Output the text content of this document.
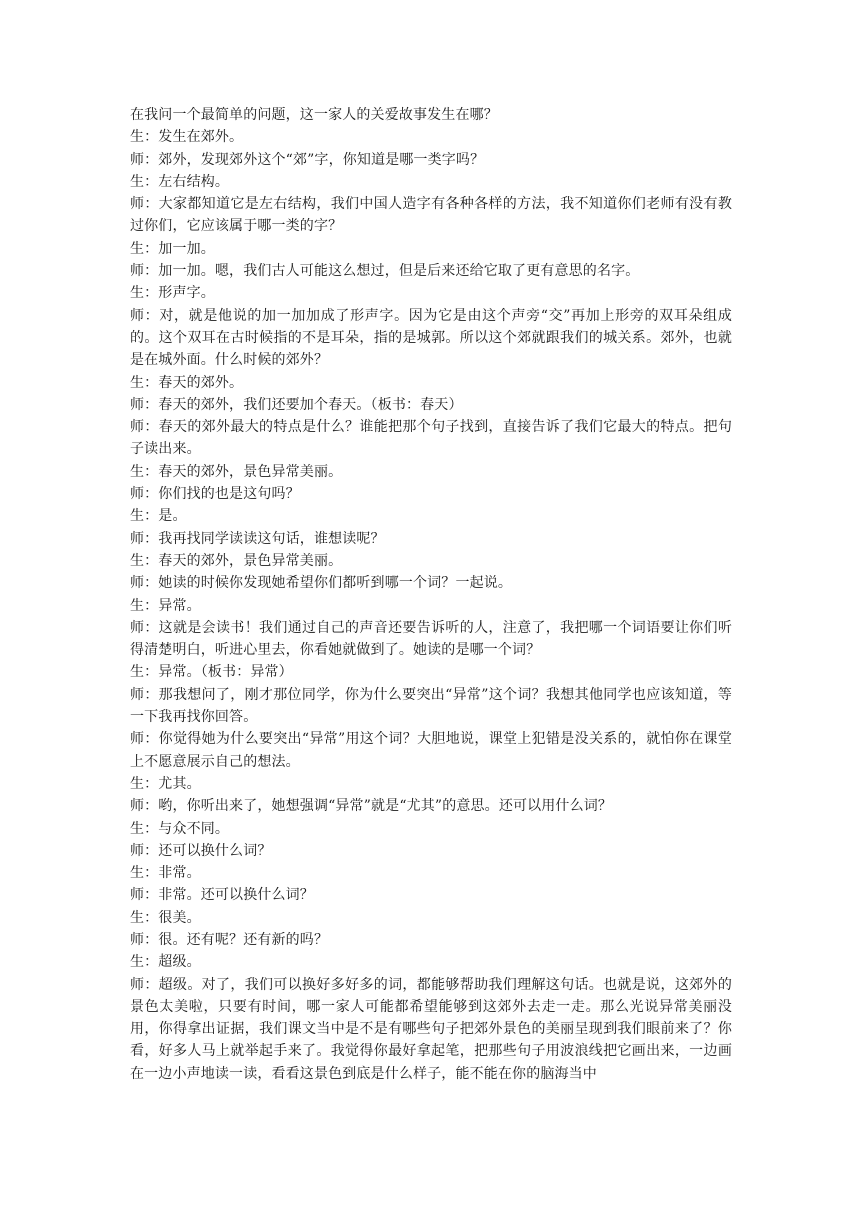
在我问一个最简单的问题，这一家人的关爱故事发生在哪？

生：发生在郊外。

师：郊外，发现郊外这个“郊”字，你知道是哪一类字吗？

生：左右结构。

师：大家都知道它是左右结构，我们中国人造字有各种各样的方法，我不知道你们老师有没有教过你们，它应该属于哪一类的字？

生：加一加。

师：加一加。嗯，我们古人可能这么想过，但是后来还给它取了更有意思的名字。

生：形声字。

师：对，就是他说的加一加加成了形声字。因为它是由这个声旁“交”再加上形旁的双耳朵组成的。这个双耳在古时候指的不是耳朵，指的是城郭。所以这个郊就跟我们的城关系。郊外，也就是在城外面。什么时候的郊外？

生：春天的郊外。

师：春天的郊外，我们还要加个春天。（板书：春天）

师：春天的郊外最大的特点是什么？谁能把那个句子找到，直接告诉了我们它最大的特点。把句子读出来。

生：春天的郊外，景色异常美丽。

师：你们找的也是这句吗？

生：是。

师：我再找同学读读这句话，谁想读呢？

生：春天的郊外，景色异常美丽。

师：她读的时候你发现她希望你们都听到哪一个词？一起说。

生：异常。

师：这就是会读书！我们通过自己的声音还要告诉听的人，注意了，我把哪一个词语要让你们听得清楚明白，听进心里去，你看她就做到了。她读的是哪一个词？

生：异常。（板书：异常）

师：那我想问了，刚才那位同学，你为什么要突出“异常”这个词？我想其他同学也应该知道，等一下我再找你回答。

师：你觉得她为什么要突出“异常”用这个词？大胆地说，课堂上犯错是没关系的，就怕你在课堂上不愿意展示自己的想法。

生：尤其。

师：哟，你听出来了，她想强调“异常”就是“尤其”的意思。还可以用什么词？

生：与众不同。

师：还可以换什么词？

生：非常。

师：非常。还可以换什么词？

生：很美。

师：很。还有呢？还有新的吗？

生：超级。

师：超级。对了，我们可以换好多好多的词，都能够帮助我们理解这句话。也就是说，这郊外的景色太美啦，只要有时间，哪一家人可能都希望能够到这郊外去走一走。那么光说异常美丽没用，你得拿出证据，我们课文当中是不是有哪些句子把郊外景色的美丽呈现到我们眼前来了？你看，好多人马上就举起手来了。我觉得你最好拿起笔，把那些句子用波浪线把它画出来，一边画在一边小声地读一读，看看这景色到底是什么样子，能不能在你的脑海当中
